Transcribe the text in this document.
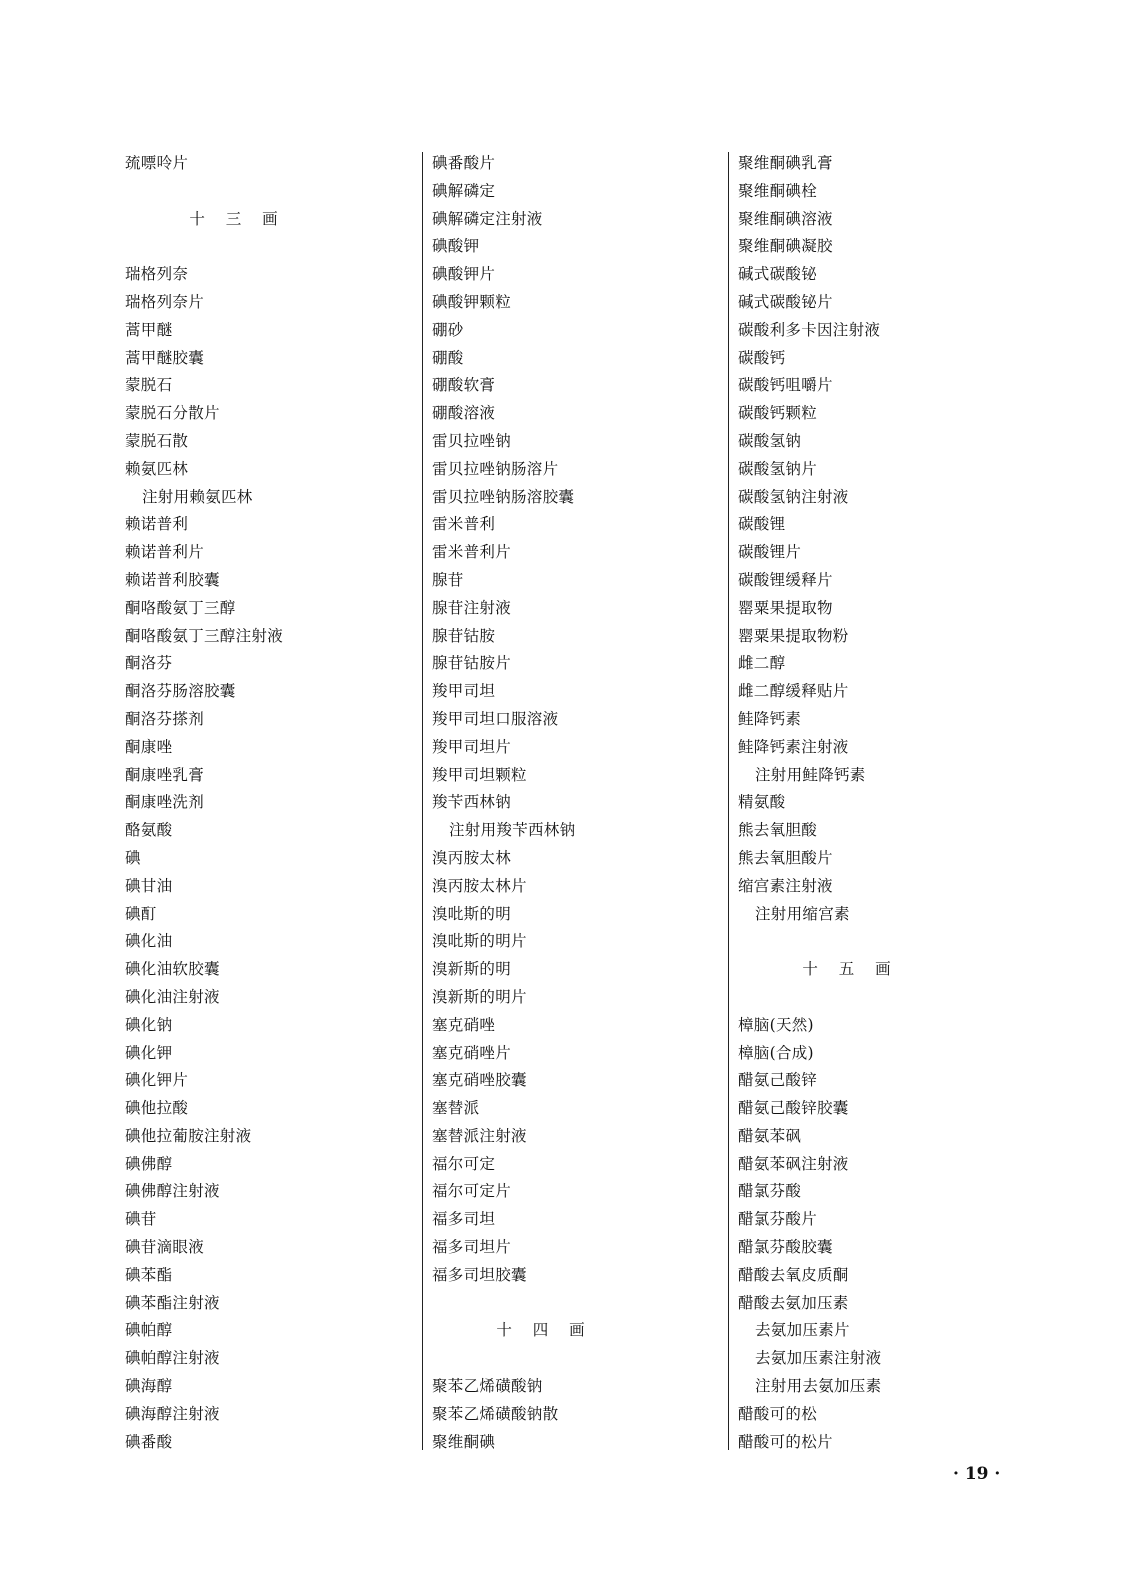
巯嘌呤片
十 三 画
瑞格列奈
瑞格列奈片
蒿甲醚
蒿甲醚胶囊
蒙脱石
蒙脱石分散片
蒙脱石散
赖氨匹林
注射用赖氨匹林
赖诺普利
赖诺普利片
赖诺普利胶囊
酮咯酸氨丁三醇
酮咯酸氨丁三醇注射液
酮洛芬
酮洛芬肠溶胶囊
酮洛芬搽剂
酮康唑
酮康唑乳膏
酮康唑洗剂
酪氨酸
碘
碘甘油
碘酊
碘化油
碘化油软胶囊
碘化油注射液
碘化钠
碘化钾
碘化钾片
碘他拉酸
碘他拉葡胺注射液
碘佛醇
碘佛醇注射液
碘苷
碘苷滴眼液
碘苯酯
碘苯酯注射液
碘帕醇
碘帕醇注射液
碘海醇
碘海醇注射液
碘番酸
碘番酸片
碘解磷定
碘解磷定注射液
碘酸钾
碘酸钾片
碘酸钾颗粒
硼砂
硼酸
硼酸软膏
硼酸溶液
雷贝拉唑钠
雷贝拉唑钠肠溶片
雷贝拉唑钠肠溶胶囊
雷米普利
雷米普利片
腺苷
腺苷注射液
腺苷钴胺
腺苷钴胺片
羧甲司坦
羧甲司坦口服溶液
羧甲司坦片
羧甲司坦颗粒
羧苄西林钠
注射用羧苄西林钠
溴丙胺太林
溴丙胺太林片
溴吡斯的明
溴吡斯的明片
溴新斯的明
溴新斯的明片
塞克硝唑
塞克硝唑片
塞克硝唑胶囊
塞替派
塞替派注射液
福尔可定
福尔可定片
福多司坦
福多司坦片
福多司坦胶囊
十 四 画
聚苯乙烯磺酸钠
聚苯乙烯磺酸钠散
聚维酮碘
聚维酮碘乳膏
聚维酮碘栓
聚维酮碘溶液
聚维酮碘凝胶
碱式碳酸铋
碱式碳酸铋片
碳酸利多卡因注射液
碳酸钙
碳酸钙咀嚼片
碳酸钙颗粒
碳酸氢钠
碳酸氢钠片
碳酸氢钠注射液
碳酸锂
碳酸锂片
碳酸锂缓释片
罂粟果提取物
罂粟果提取物粉
雌二醇
雌二醇缓释贴片
鲑降钙素
鲑降钙素注射液
注射用鲑降钙素
精氨酸
熊去氧胆酸
熊去氧胆酸片
缩宫素注射液
注射用缩宫素
十 五 画
樟脑(天然)
樟脑(合成)
醋氨己酸锌
醋氨己酸锌胶囊
醋氨苯砜
醋氨苯砜注射液
醋氯芬酸
醋氯芬酸片
醋氯芬酸胶囊
醋酸去氧皮质酮
醋酸去氨加压素
去氨加压素片
去氨加压素注射液
注射用去氨加压素
醋酸可的松
醋酸可的松片
· 19 ·
